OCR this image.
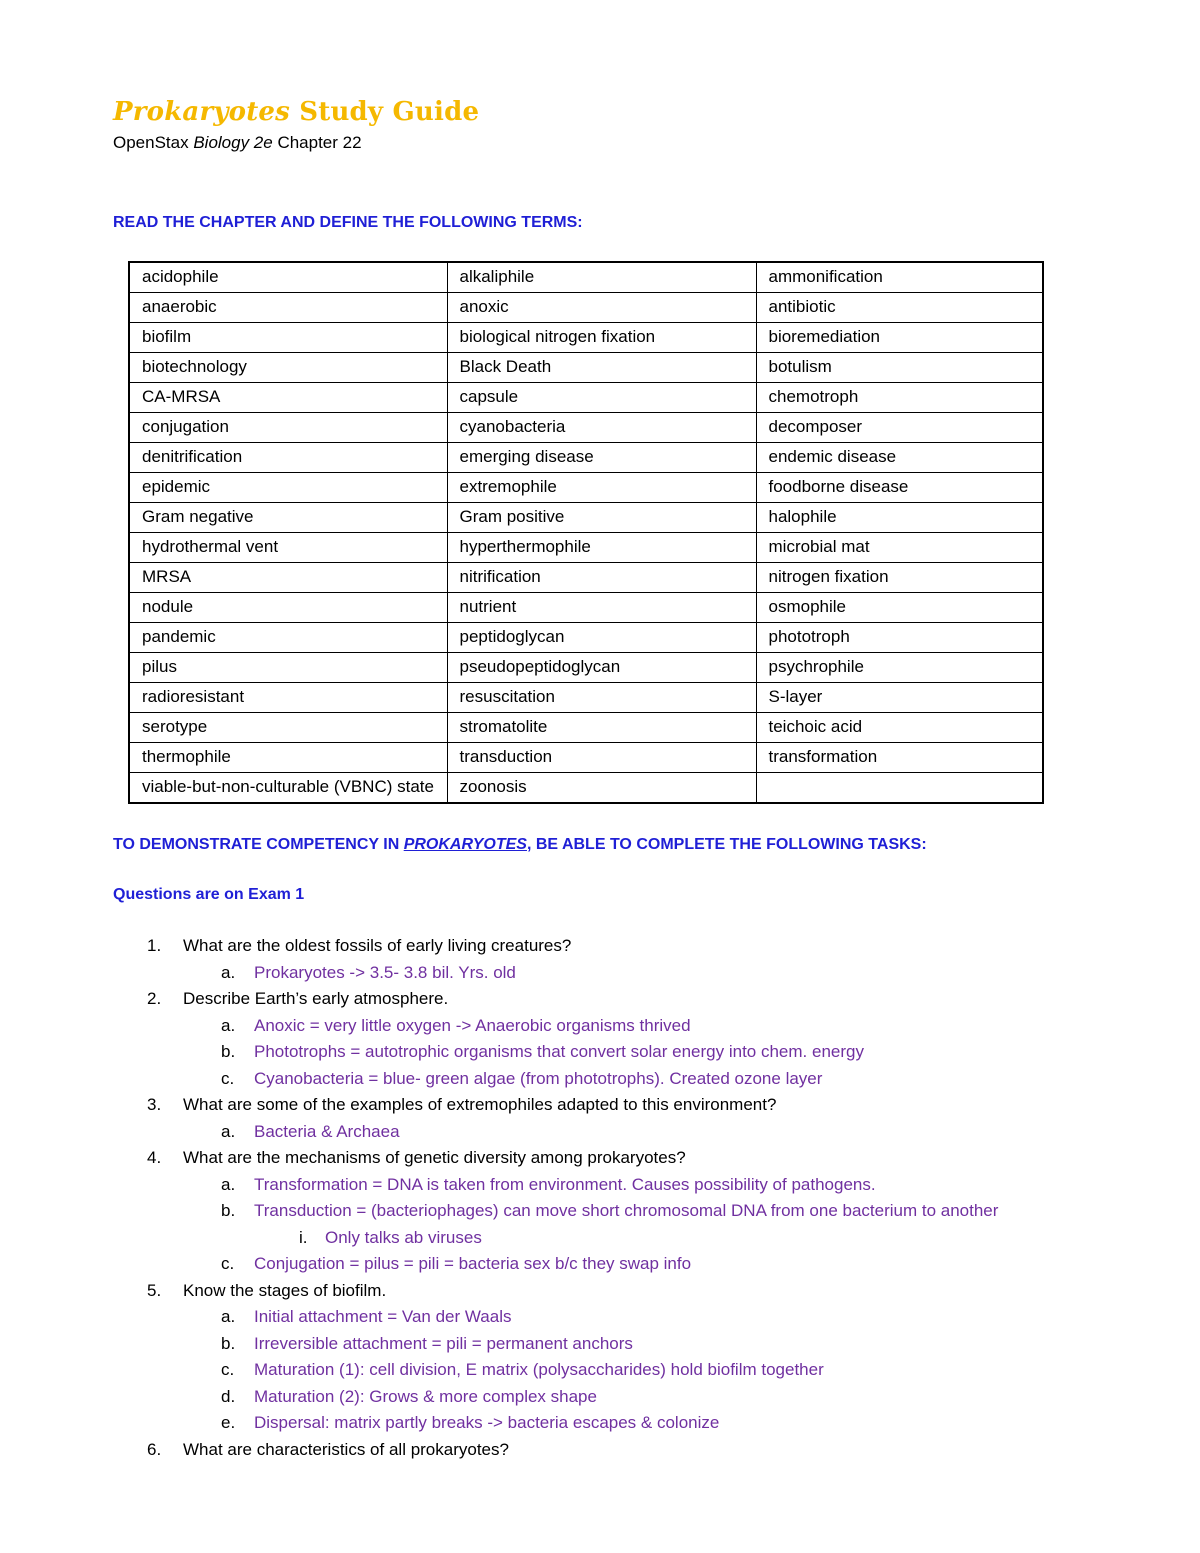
Prokaryotes Study Guide
OpenStax Biology 2e Chapter 22
READ THE CHAPTER AND DEFINE THE FOLLOWING TERMS:
acidophile	alkaliphile	ammonification
anaerobic	anoxic	antibiotic
biofilm	biological nitrogen fixation	bioremediation
biotechnology	Black Death	botulism
CA-MRSA	capsule	chemotroph
conjugation	cyanobacteria	decomposer
denitrification	emerging disease	endemic disease
epidemic	extremophile	foodborne disease
Gram negative	Gram positive	halophile
hydrothermal vent	hyperthermophile	microbial mat
MRSA	nitrification	nitrogen fixation
nodule	nutrient	osmophile
pandemic	peptidoglycan	phototroph
pilus	pseudopeptidoglycan	psychrophile
radioresistant	resuscitation	S-layer
serotype	stromatolite	teichoic acid
thermophile	transduction	transformation
viable-but-non-culturable (VBNC) state	zoonosis	
TO DEMONSTRATE COMPETENCY IN PROKARYOTES, BE ABLE TO COMPLETE THE FOLLOWING TASKS:
Questions are on Exam 1
1. What are the oldest fossils of early living creatures?
a. Prokaryotes -> 3.5- 3.8 bil. Yrs. old
2. Describe Earth’s early atmosphere.
a. Anoxic = very little oxygen -> Anaerobic organisms thrived
b. Phototrophs = autotrophic organisms that convert solar energy into chem. energy
c. Cyanobacteria = blue- green algae (from phototrophs). Created ozone layer
3. What are some of the examples of extremophiles adapted to this environment?
a. Bacteria & Archaea
4. What are the mechanisms of genetic diversity among prokaryotes?
a. Transformation = DNA is taken from environment. Causes possibility of pathogens.
b. Transduction = (bacteriophages) can move short chromosomal DNA from one bacterium to another
i. Only talks ab viruses
c. Conjugation = pilus = pili = bacteria sex b/c they swap info
5. Know the stages of biofilm.
a. Initial attachment = Van der Waals
b. Irreversible attachment = pili = permanent anchors
c. Maturation (1): cell division, E matrix (polysaccharides) hold biofilm together
d. Maturation (2): Grows & more complex shape
e. Dispersal: matrix partly breaks -> bacteria escapes & colonize
6. What are characteristics of all prokaryotes?
